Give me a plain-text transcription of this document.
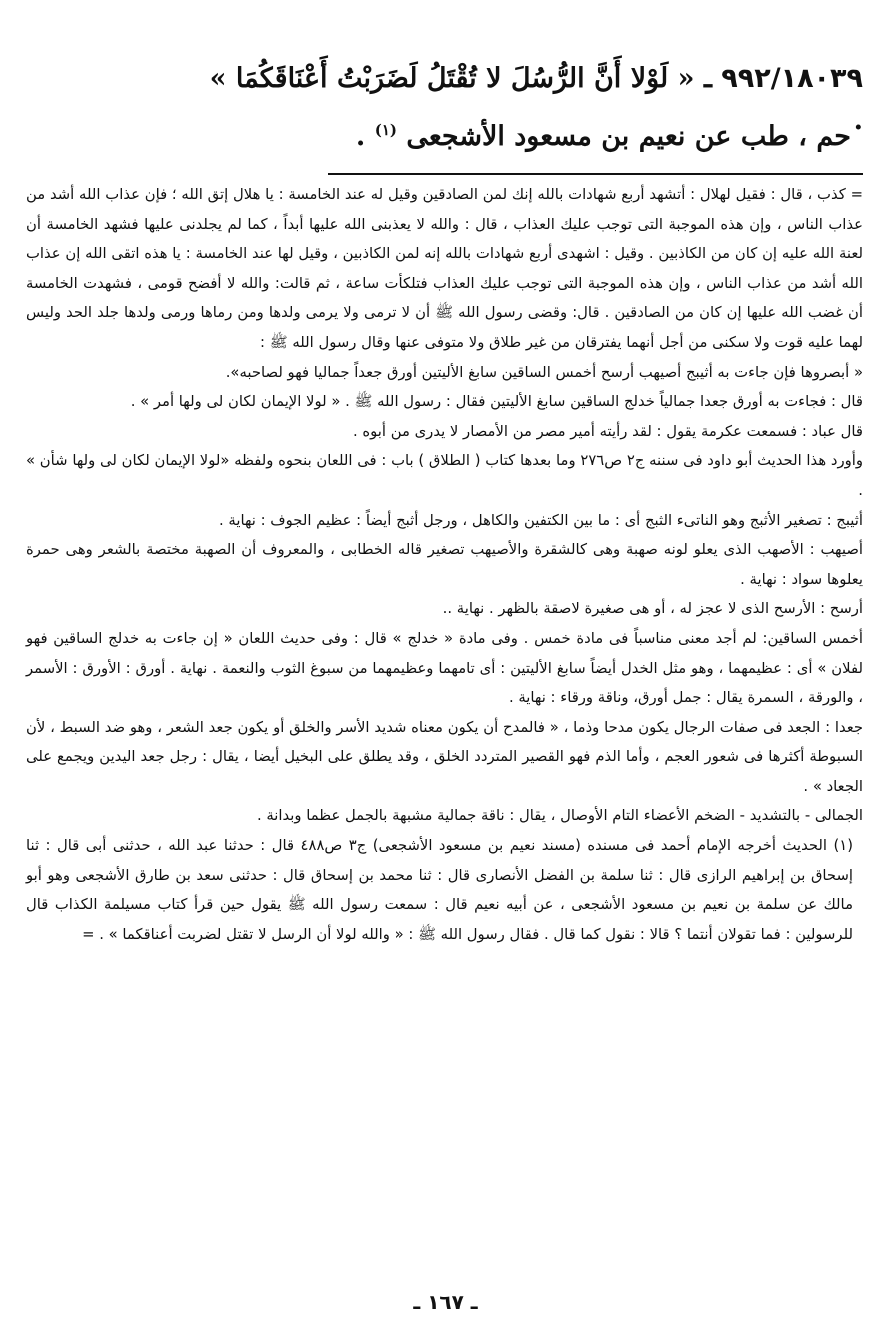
٩٩٢/١٨٠٣٩ ـ « لَوْلا أَنَّ الرُّسُلَ لا تُقْتَلُ لَضَرَبْتُ أَعْنَاقَكُمَا » .
حم ، طب عن نعيم بن مسعود الأشجعى $^{(١)}$ .

= كذب ، قال : فقيل لهلال : أتشهد أربع شهادات بالله إنك لمن الصادقين وقيل له عند الخامسة : يا هلال إتق الله ؛ فإن عذاب الله أشد من عذاب الناس ، وإن هذه الموجبة التى توجب عليك العذاب ، قال : والله لا يعذبنى الله عليها أبداً ، كما لم يجلدنى عليها فشهد الخامسة أن لعنة الله عليه إن كان من الكاذبين . وقيل : اشهدى أربع شهادات بالله إنه لمن الكاذبين ، وقيل لها عند الخامسة : يا هذه اتقى الله إن عذاب الله أشد من عذاب الناس ، وإن هذه الموجبة التى توجب عليك العذاب فتلكأت ساعة ، ثم قالت: والله لا أفضح قومى ، فشهدت الخامسة أن غضب الله عليها إن كان من الصادقين . قال: وقضى رسول الله ﷺ أن لا ترمى ولا يرمى ولدها ومن رماها ورمى ولدها جلد الحد وليس لهما عليه قوت ولا سكنى من أجل أنهما يفترقان من غير طلاق ولا متوفى عنها وقال رسول الله ﷺ :

« أبصروها فإن جاءت به أثيبج أصيهب أرسح أخمس الساقين سابغ الأليتين أورق جعداً جماليا فهو لصاحبه».

قال : فجاءت به أورق جعدا جمالياً خدلج الساقين سابغ الأليتين فقال : رسول الله ﷺ . « لولا الإيمان لكان لى ولها أمر » .

قال عباد : فسمعت عكرمة يقول : لقد رأيته أمير مصر من الأمصار لا يدرى من أبوه .

وأورد هذا الحديث أبو داود فى سننه ج٢ ص٢٧٦ وما بعدها كتاب ( الطلاق ) باب : فى اللعان بنحوه ولفظه «لولا الإيمان لكان لى ولها شأن » .

أثيبج : تصغير الأثبج وهو الناتىء الثبج أى : ما بين الكتفين والكاهل ، ورجل أثبج أيضاً : عظيم الجوف : نهاية .

أصيهب : الأصهب الذى يعلو لونه صهبة وهى كالشقرة والأصيهب تصغير قاله الخطابى ، والمعروف أن الصهبة مختصة بالشعر وهى حمرة يعلوها سواد : نهاية .

أرسح : الأرسح الذى لا عجز له ، أو هى صغيرة لاصقة بالظهر . نهاية ..

أخمس الساقين: لم أجد معنى مناسباً فى مادة خمس . وفى مادة « خدلج » قال : وفى حديث اللعان « إن جاءت به خدلج الساقين فهو لفلان » أى : عظيمهما ، وهو مثل الخدل أيضاً سابغ الأليتين : أى تامهما وعظيمهما من سبوغ الثوب والنعمة . نهاية . أورق : الأورق : الأسمر ، والورقة ، السمرة يقال : جمل أورق، وناقة ورقاء : نهاية .

جعدا : الجعد فى صفات الرجال يكون مدحا وذما ، « فالمدح أن يكون معناه شديد الأسر والخلق أو يكون جعد الشعر ، وهو ضد السبط ، لأن السبوطة أكثرها فى شعور العجم ، وأما الذم فهو القصير المتردد الخلق ، وقد يطلق على البخيل أيضا ، يقال : رجل جعد اليدين ويجمع على الجعاد » .

الجمالى - بالتشديد - الضخم الأعضاء التام الأوصال ، يقال : ناقة جمالية مشبهة بالجمل عظما وبدانة .

(١) الحديث أخرجه الإمام أحمد فى مسنده (مسند نعيم بن مسعود الأشجعى) ج٣ ص٤٨٨ قال : حدثنا عبد الله ، حدثنى أبى قال : ثنا إسحاق بن إبراهيم الرازى قال : ثنا سلمة بن الفضل الأنصارى قال : ثنا محمد بن إسحاق قال : حدثنى سعد بن طارق الأشجعى وهو أبو مالك عن سلمة بن نعيم بن مسعود الأشجعى ، عن أبيه نعيم قال : سمعت رسول الله ﷺ يقول حين قرأ كتاب مسيلمة الكذاب قال للرسولين : فما تقولان أنتما ؟ قالا : نقول كما قال . فقال رسول الله ﷺ : « والله لولا أن الرسل لا تقتل لضربت أعناقكما » . =

ـ ١٦٧ ـ
